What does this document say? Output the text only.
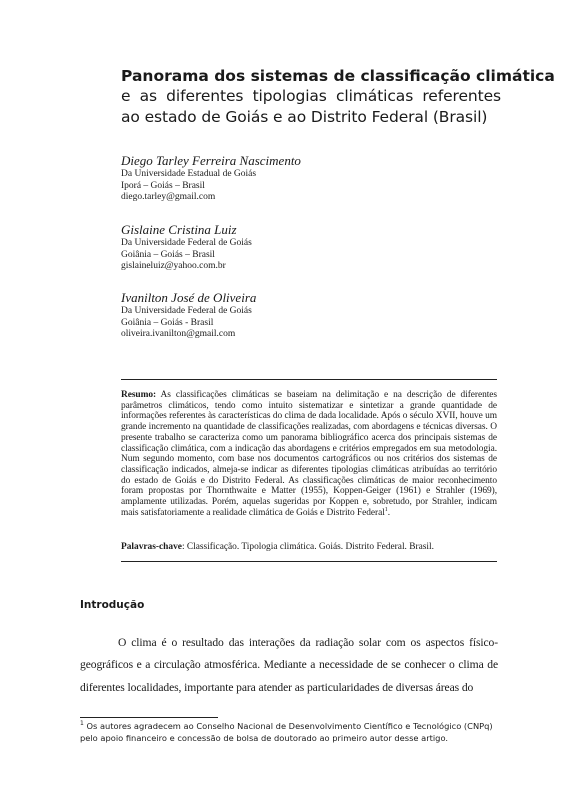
Panorama dos sistemas de classificação climática
e as diferentes tipologias climáticas referentes ao estado de Goiás e ao Distrito Federal (Brasil)
Diego Tarley Ferreira Nascimento
Da Universidade Estadual de Goiás
Iporá – Goiás – Brasil
diego.tarley@gmail.com
Gislaine Cristina Luiz
Da Universidade Federal de Goiás
Goiânia – Goiás – Brasil
gislaineluiz@yahoo.com.br
Ivanilton José de Oliveira
Da Universidade Federal de Goiás
Goiânia – Goiás - Brasil
oliveira.ivanilton@gmail.com
Resumo: As classificações climáticas se baseiam na delimitação e na descrição de diferentes parâmetros climáticos, tendo como intuito sistematizar e sintetizar a grande quantidade de informações referentes às características do clima de dada localidade. Após o século XVII, houve um grande incremento na quantidade de classificações realizadas, com abordagens e técnicas diversas. O presente trabalho se caracteriza como um panorama bibliográfico acerca dos principais sistemas de classificação climática, com a indicação das abordagens e critérios empregados em sua metodologia. Num segundo momento, com base nos documentos cartográficos ou nos critérios dos sistemas de classificação indicados, almeja-se indicar as diferentes tipologias climáticas atribuídas ao território do estado de Goiás e do Distrito Federal. As classificações climáticas de maior reconhecimento foram propostas por Thornthwaite e Matter (1955), Koppen-Geiger (1961) e Strahler (1969), amplamente utilizadas. Porém, aquelas sugeridas por Koppen e, sobretudo, por Strahler, indicam mais satisfatoriamente a realidade climática de Goiás e Distrito Federal$^1$.
Palavras-chave: Classificação. Tipologia climática. Goiás. Distrito Federal. Brasil.
Introdução
O clima é o resultado das interações da radiação solar com os aspectos físico-geográficos e a circulação atmosférica. Mediante a necessidade de se conhecer o clima de diferentes localidades, importante para atender as particularidades de diversas áreas do
$^1$ Os autores agradecem ao Conselho Nacional de Desenvolvimento Científico e Tecnológico (CNPq) pelo apoio financeiro e concessão de bolsa de doutorado ao primeiro autor desse artigo.
